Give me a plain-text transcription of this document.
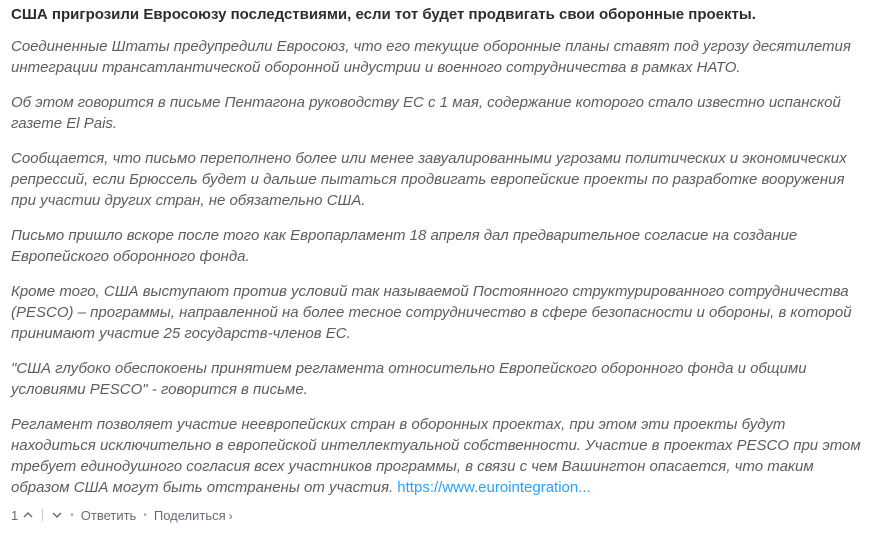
США пригрозили Евросоюзу последствиями, если тот будет продвигать свои оборонные проекты.

Соединенные Штаты предупредили Евросоюз, что его текущие оборонные планы ставят под угрозу десятилетия интеграции трансатлантической оборонной индустрии и военного сотрудничества в рамках НАТО.

Об этом говорится в письме Пентагона руководству ЕС с 1 мая, содержание которого стало известно испанской газете El Pais.

Сообщается, что письмо переполнено более или менее завуалированными угрозами политических и экономических репрессий, если Брюссель будет и дальше пытаться продвигать европейские проекты по разработке вооружения при участии других стран, не обязательно США.

Письмо пришло вскоре после того как Европарламент 18 апреля дал предварительное согласие на создание Европейского оборонного фонда.

Кроме того, США выступают против условий так называемой Постоянного структурированного сотрудничества (PESCO) – программы, направленной на более тесное сотрудничество в сфере безопасности и обороны, в которой принимают участие 25 государств-членов ЕС.

"США глубоко обеспокоены принятием регламента относительно Европейского оборонного фонда и общими условиями PESCO" - говорится в письме.

Регламент позволяет участие неевропейских стран в оборонных проектах, при этом эти проекты будут находиться исключительно в европейской интеллектуальной собственности. Участие в проектах PESCO при этом требует единодушного согласия всех участников программы, в связи с чем Вашингтон опасается, что таким образом США могут быть отстранены от участия. https://www.eurointegration...

1	• Ответить • Поделиться ›
